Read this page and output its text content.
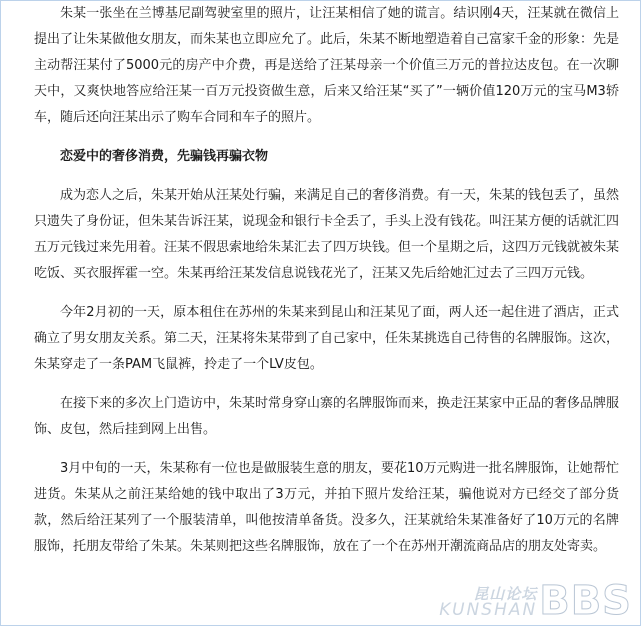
朱某一张坐在兰博基尼副驾驶室里的照片，让汪某相信了她的谎言。结识刚4天，汪某就在微信上提出了让朱某做他女朋友，而朱某也立即应允了。此后，朱某不断地塑造着自己富家千金的形象：先是主动帮汪某付了5000元的房产中介费，再是送给了汪某母亲一个价值三万元的普拉达皮包。在一次聊天中，又爽快地答应给汪某一百万元投资做生意，后来又给汪某“买了”一辆价值120万元的宝马M3轿车，随后还向汪某出示了购车合同和车子的照片。

恋爱中的奢侈消费，先骗钱再骗衣物

成为恋人之后，朱某开始从汪某处行骗，来满足自己的奢侈消费。有一天，朱某的钱包丢了，虽然只遗失了身份证，但朱某告诉汪某，说现金和银行卡全丢了，手头上没有钱花。叫汪某方便的话就汇四五万元钱过来先用着。汪某不假思索地给朱某汇去了四万块钱。但一个星期之后，这四万元钱就被朱某吃饭、买衣服挥霍一空。朱某再给汪某发信息说钱花光了，汪某又先后给她汇过去了三四万元钱。

今年2月初的一天，原本租住在苏州的朱某来到昆山和汪某见了面，两人还一起住进了酒店，正式确立了男女朋友关系。第二天，汪某将朱某带到了自己家中，任朱某挑选自己待售的名牌服饰。这次，朱某穿走了一条PAM飞鼠裤，拎走了一个LV皮包。

在接下来的多次上门造访中，朱某时常身穿山寨的名牌服饰而来，换走汪某家中正品的奢侈品牌服饰、皮包，然后挂到网上出售。

3月中旬的一天，朱某称有一位也是做服装生意的朋友，要花10万元购进一批名牌服饰，让她帮忙进货。朱某从之前汪某给她的钱中取出了3万元，并拍下照片发给汪某，骗他说对方已经交了部分货款，然后给汪某列了一个服装清单，叫他按清单备货。没多久，汪某就给朱某准备好了10万元的名牌服饰，托朋友带给了朱某。朱某则把这些名牌服饰，放在了一个在苏州开潮流商品店的朋友处寄卖。

昆山论坛
KUNSHAN BBS
